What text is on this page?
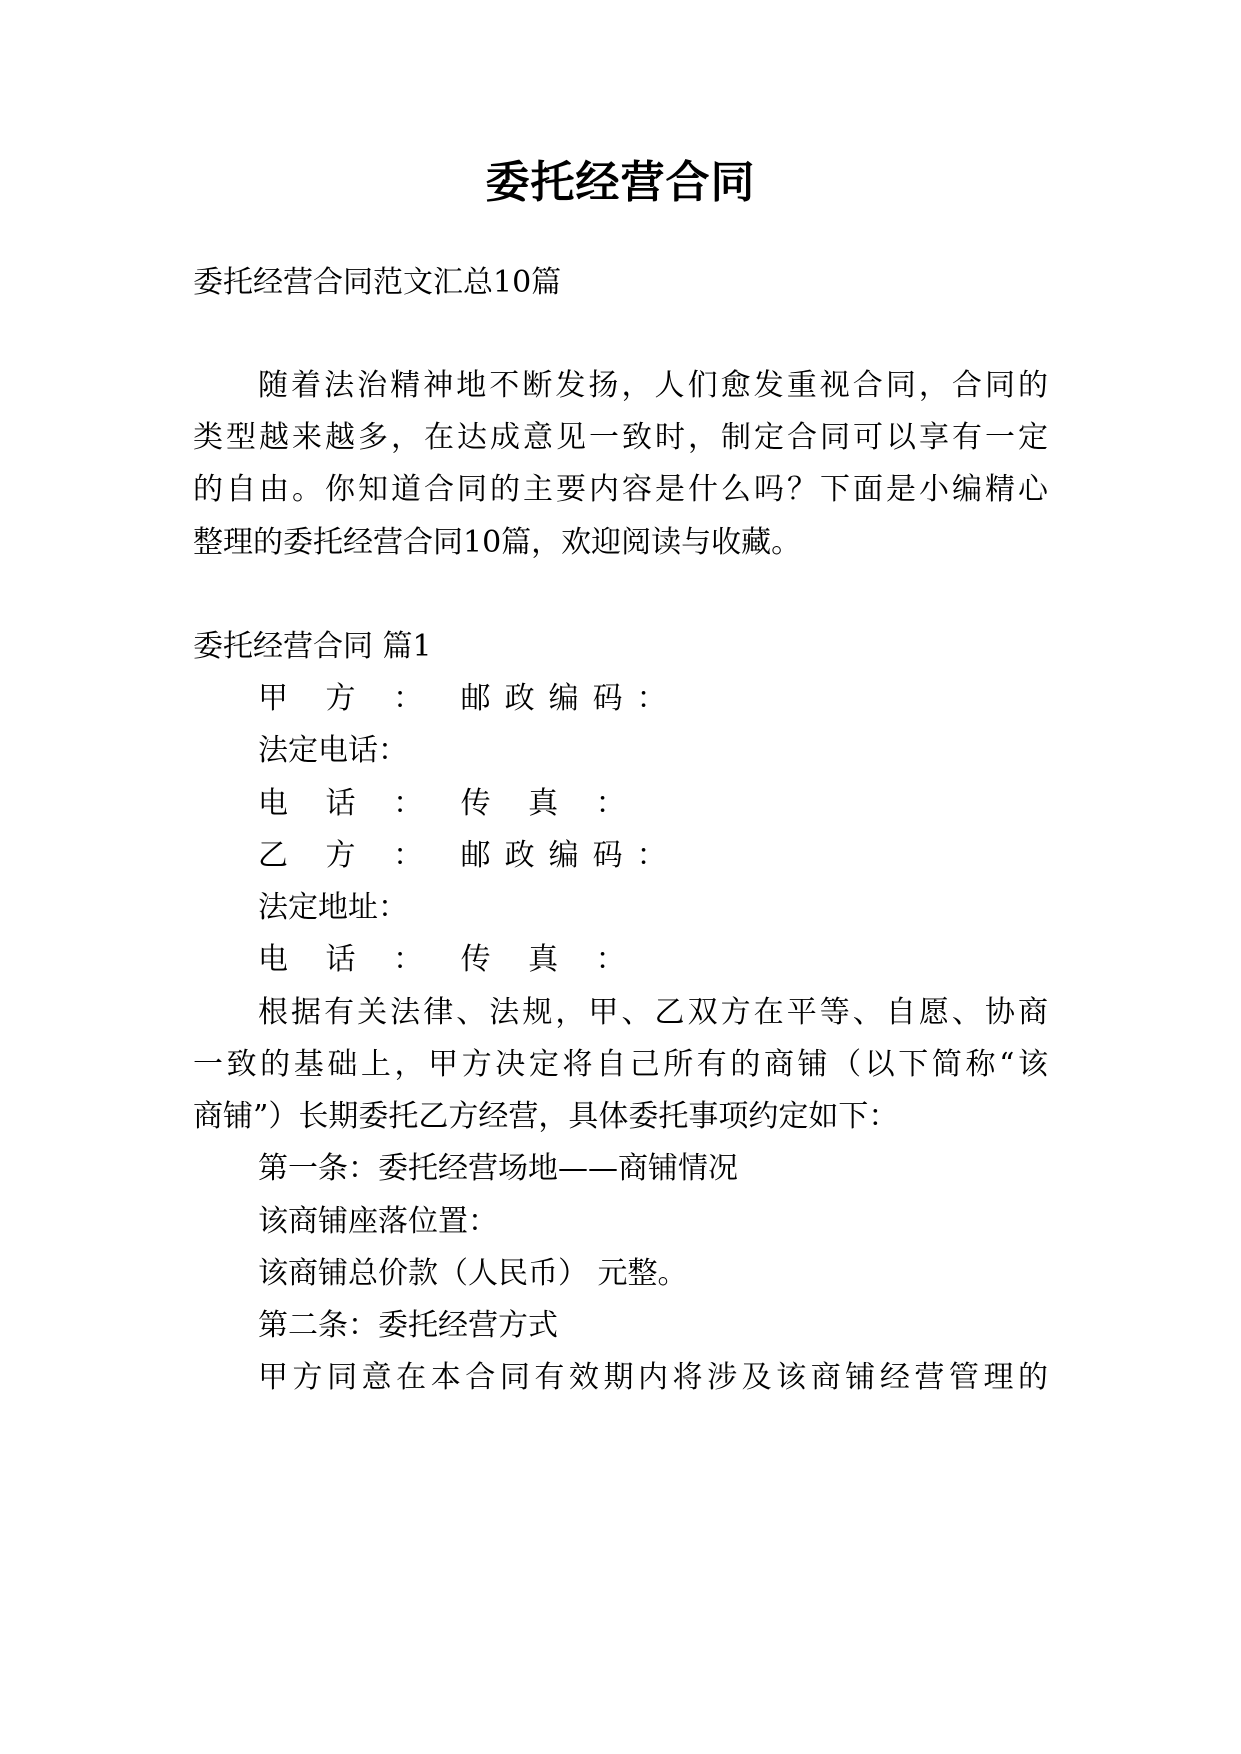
委托经营合同
委托经营合同范文汇总10篇
随着法治精神地不断发扬，人们愈发重视合同，合同的
类型越来越多，在达成意见一致时，制定合同可以享有一定
的自由。你知道合同的主要内容是什么吗？下面是小编精心
整理的委托经营合同10篇，欢迎阅读与收藏。
委托经营合同 篇1
甲 方 ： 邮政编码：
法定电话：
电 话 ： 传 真 ：
乙 方 ： 邮政编码：
法定地址：
电 话 ： 传 真 ：
根据有关法律、法规，甲、乙双方在平等、自愿、协商
一致的基础上，甲方决定将自己所有的商铺（以下简称“该
商铺”）长期委托乙方经营，具体委托事项约定如下：
第一条：委托经营场地——商铺情况
该商铺座落位置：
该商铺总价款（人民币） 元整。
第二条：委托经营方式
甲方同意在本合同有效期内将涉及该商铺经营管理的
